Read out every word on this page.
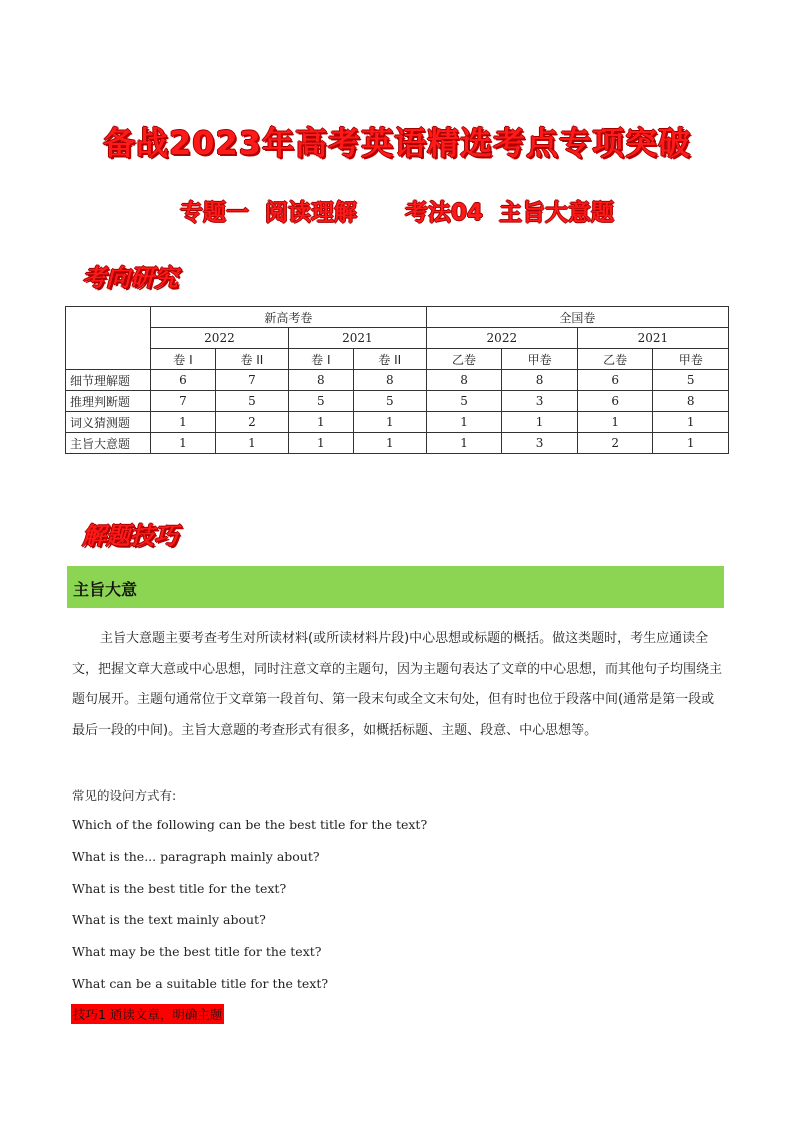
备战2023年高考英语精选考点专项突破
专题一  阅读理解      考法04  主旨大意题
考向研究
	新高考卷				全国卷			
	2022		2021		2022		2021	
	卷 I	卷 II	卷 I	卷 II	乙卷	甲卷	乙卷	甲卷
细节理解题	6	7	8	8	8	8	6	5
推理判断题	7	5	5	5	5	3	6	8
词义猜测题	1	2	1	1	1	1	1	1
主旨大意题	1	1	1	1	1	3	2	1
解题技巧
主旨大意
主旨大意题主要考查考生对所读材料(或所读材料片段)中心思想或标题的概括。做这类题时，考生应通读全文，把握文章大意或中心思想，同时注意文章的主题句，因为主题句表达了文章的中心思想，而其他句子均围绕主题句展开。主题句通常位于文章第一段首句、第一段末句或全文末句处，但有时也位于段落中间(通常是第一段或最后一段的中间)。主旨大意题的考查形式有很多，如概括标题、主题、段意、中心思想等。
常见的设问方式有:
Which of the following can be the best title for the text?
What is the... paragraph mainly about?
What is the best title for the text?
What is the text mainly about?
What may be the best title for the text?
What can be a suitable title for the text?
技巧1 通读文章，明确主题
